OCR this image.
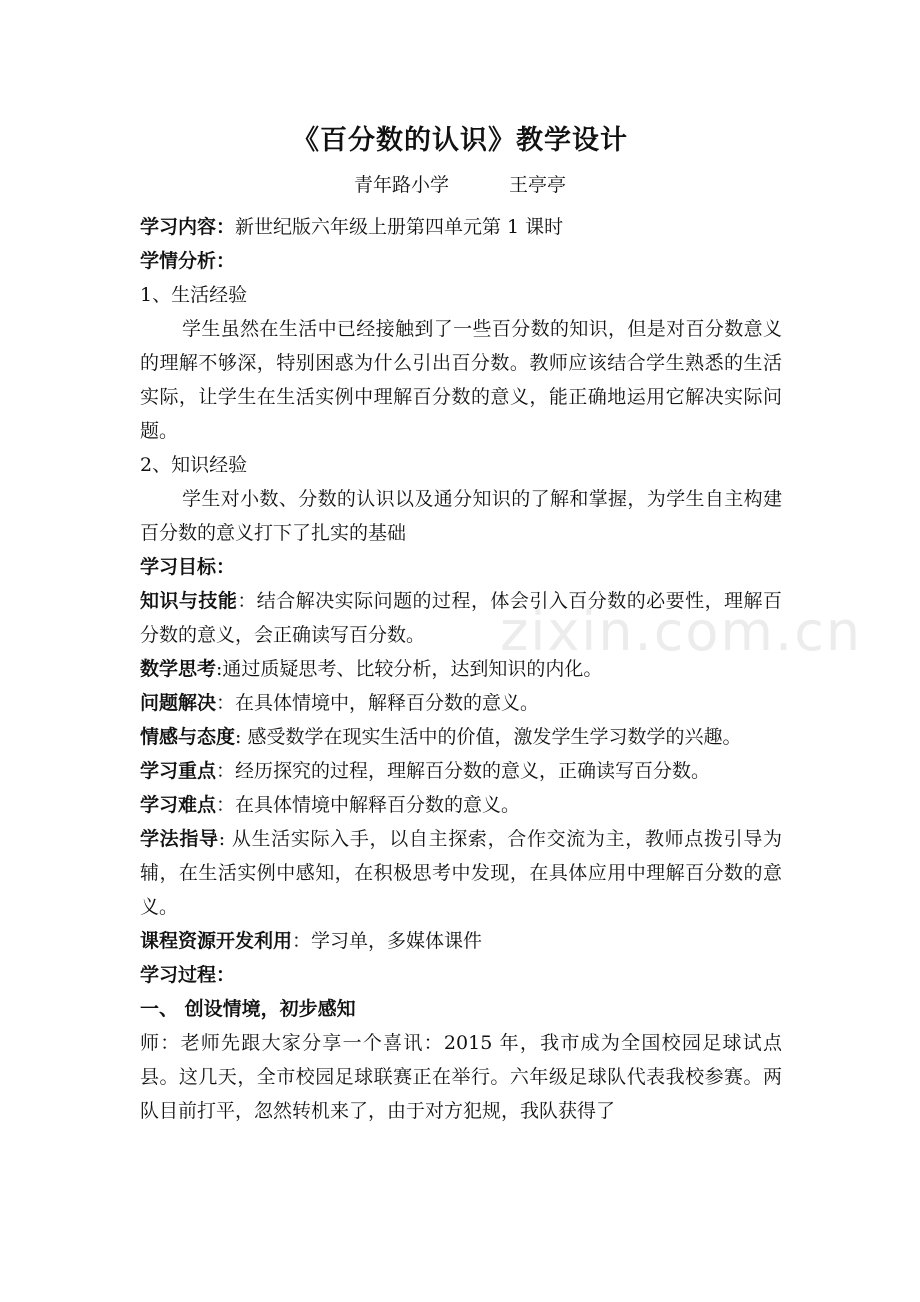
《百分数的认识》教学设计
青年路小学	王亭亭

学习内容：新世纪版六年级上册第四单元第 1 课时

学情分析：

1、生活经验

学生虽然在生活中已经接触到了一些百分数的知识，但是对百分数意义的理解不够深，特别困惑为什么引出百分数。教师应该结合学生熟悉的生活实际，让学生在生活实例中理解百分数的意义，能正确地运用它解决实际问题。

2、知识经验

学生对小数、分数的认识以及通分知识的了解和掌握，为学生自主构建百分数的意义打下了扎实的基础

学习目标：

知识与技能：结合解决实际问题的过程，体会引入百分数的必要性，理解百分数的意义，会正确读写百分数。

数学思考:通过质疑思考、比较分析，达到知识的内化。

问题解决：在具体情境中，解释百分数的意义。

情感与态度: 感受数学在现实生活中的价值，激发学生学习数学的兴趣。

学习重点：经历探究的过程，理解百分数的意义，正确读写百分数。

学习难点：在具体情境中解释百分数的意义。

学法指导: 从生活实际入手，以自主探索，合作交流为主，教师点拨引导为辅，在生活实例中感知，在积极思考中发现，在具体应用中理解百分数的意义。

课程资源开发利用：学习单，多媒体课件

学习过程：

一、 创设情境，初步感知

师：老师先跟大家分享一个喜讯：2015 年，我市成为全国校园足球试点县。这几天，全市校园足球联赛正在举行。六年级足球队代表我校参赛。两队目前打平，忽然转机来了，由于对方犯规，我队获得了

zixin.com.cn
